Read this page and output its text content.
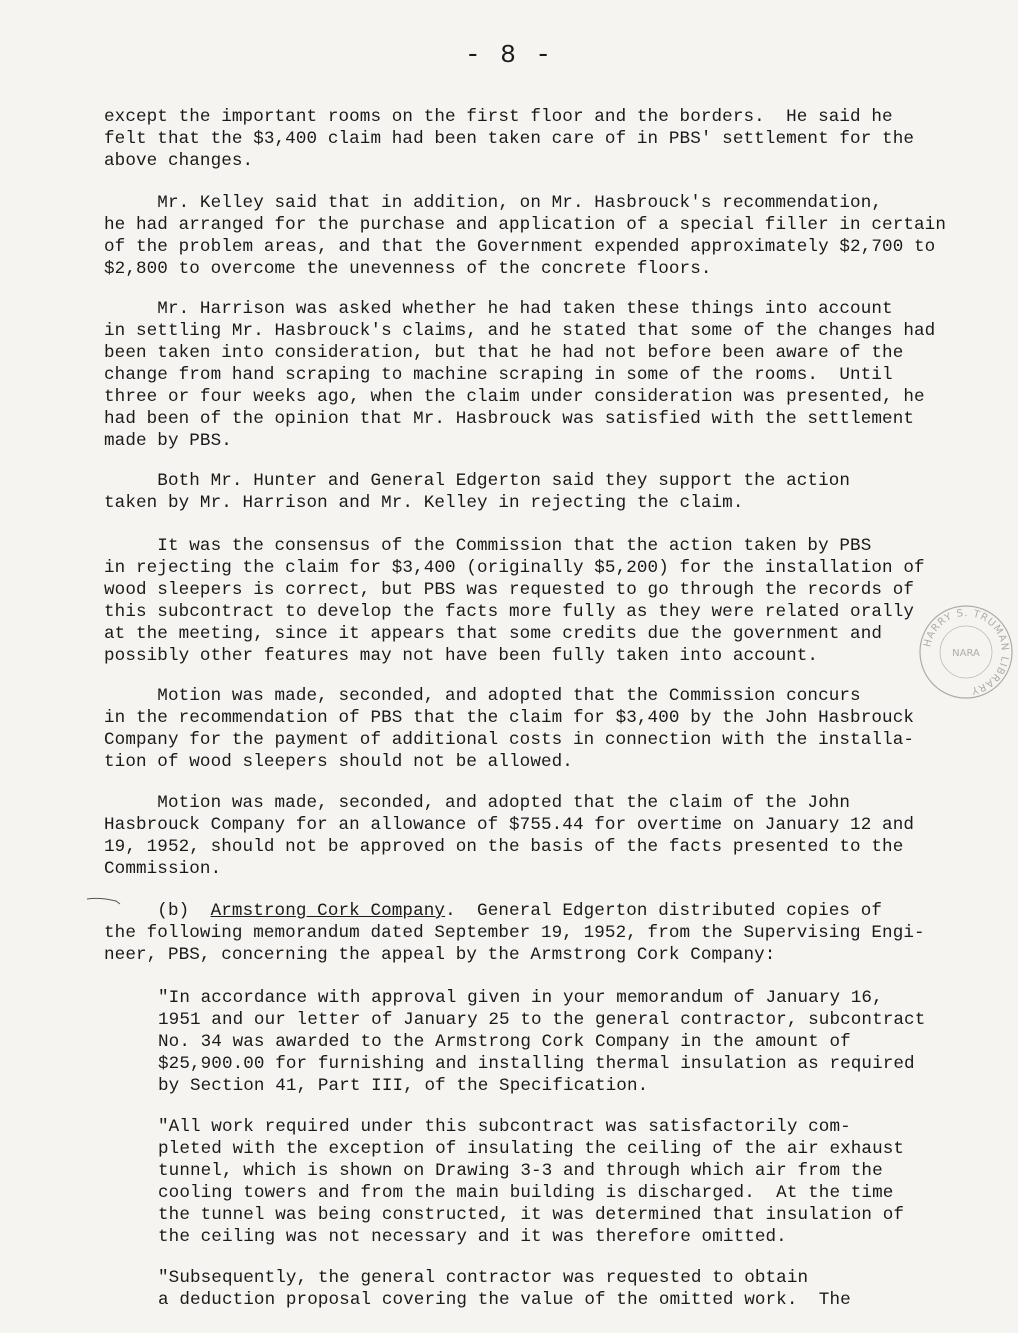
- 8 -
except the important rooms on the first floor and the borders.  He said he
felt that the $3,400 claim had been taken care of in PBS' settlement for the
above changes.
Mr. Kelley said that in addition, on Mr. Hasbrouck's recommendation,
he had arranged for the purchase and application of a special filler in certain
of the problem areas, and that the Government expended approximately $2,700 to
$2,800 to overcome the unevenness of the concrete floors.
Mr. Harrison was asked whether he had taken these things into account
in settling Mr. Hasbrouck's claims, and he stated that some of the changes had
been taken into consideration, but that he had not before been aware of the
change from hand scraping to machine scraping in some of the rooms.  Until
three or four weeks ago, when the claim under consideration was presented, he
had been of the opinion that Mr. Hasbrouck was satisfied with the settlement
made by PBS.
Both Mr. Hunter and General Edgerton said they support the action
taken by Mr. Harrison and Mr. Kelley in rejecting the claim.
It was the consensus of the Commission that the action taken by PBS
in rejecting the claim for $3,400 (originally $5,200) for the installation of
wood sleepers is correct, but PBS was requested to go through the records of
this subcontract to develop the facts more fully as they were related orally
at the meeting, since it appears that some credits due the government and
possibly other features may not have been fully taken into account.
Motion was made, seconded, and adopted that the Commission concurs
in the recommendation of PBS that the claim for $3,400 by the John Hasbrouck
Company for the payment of additional costs in connection with the installa-
tion of wood sleepers should not be allowed.
Motion was made, seconded, and adopted that the claim of the John
Hasbrouck Company for an allowance of $755.44 for overtime on January 12 and
19, 1952, should not be approved on the basis of the facts presented to the
Commission.
(b)  Armstrong Cork Company.  General Edgerton distributed copies of
the following memorandum dated September 19, 1952, from the Supervising Engi-
neer, PBS, concerning the appeal by the Armstrong Cork Company:
"In accordance with approval given in your memorandum of January 16,
1951 and our letter of January 25 to the general contractor, subcontract
No. 34 was awarded to the Armstrong Cork Company in the amount of
$25,900.00 for furnishing and installing thermal insulation as required
by Section 41, Part III, of the Specification.
"All work required under this subcontract was satisfactorily com-
pleted with the exception of insulating the ceiling of the air exhaust
tunnel, which is shown on Drawing 3-3 and through which air from the
cooling towers and from the main building is discharged.  At the time
the tunnel was being constructed, it was determined that insulation of
the ceiling was not necessary and it was therefore omitted.
"Subsequently, the general contractor was requested to obtain
a deduction proposal covering the value of the omitted work.  The
HARRY S. TRUMAN LIBRARY
NARA
